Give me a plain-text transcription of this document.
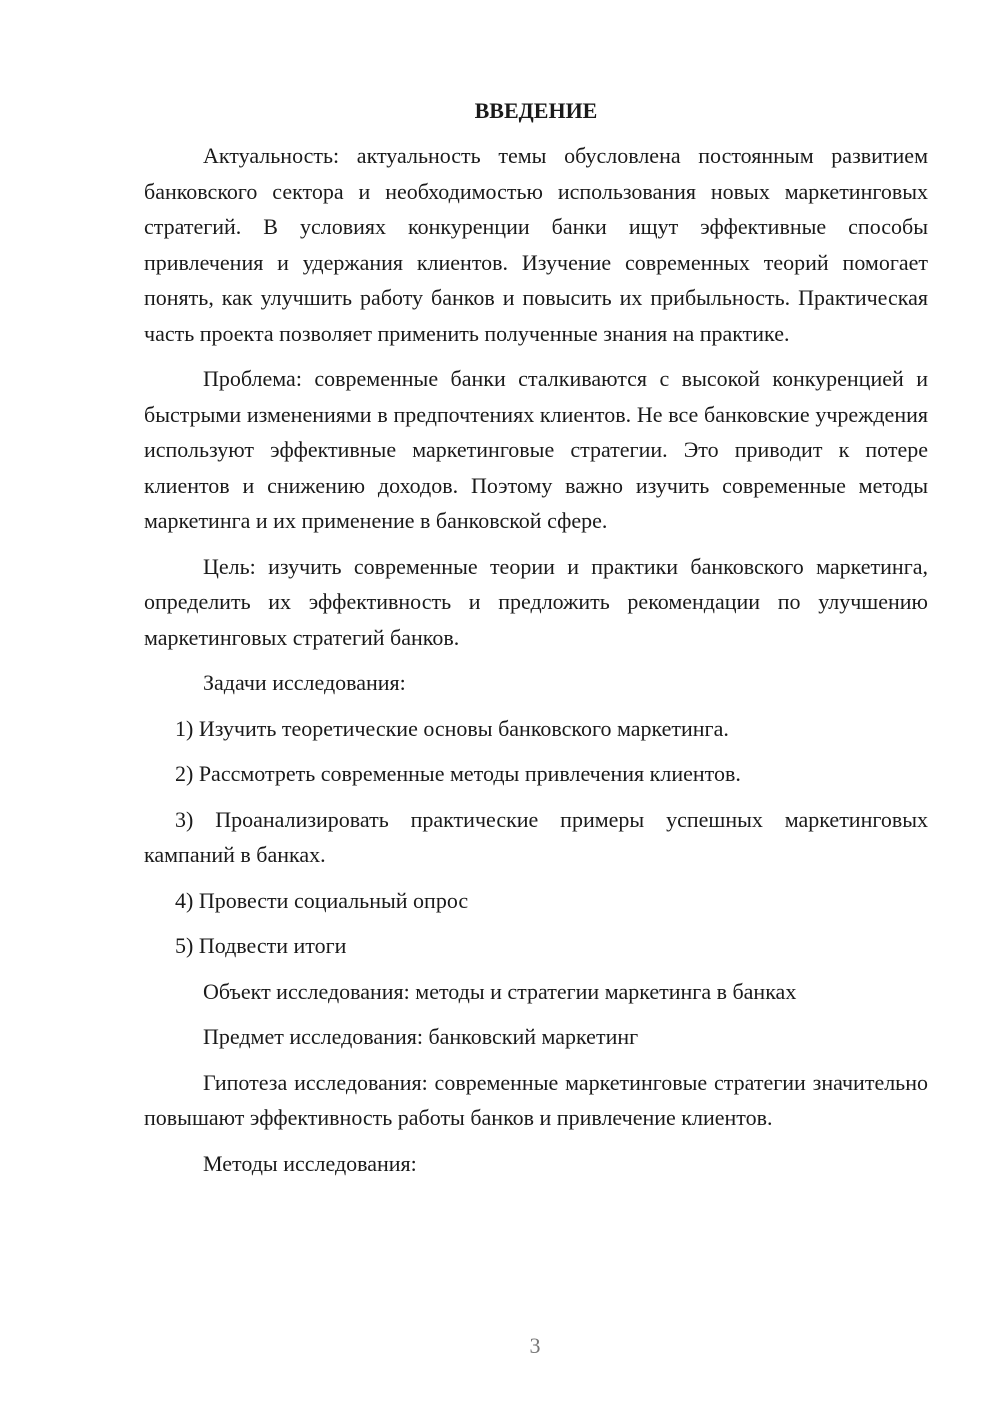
ВВЕДЕНИЕ

Актуальность: актуальность темы обусловлена постоянным развитием банковского сектора и необходимостью использования новых маркетинговых стратегий. В условиях конкуренции банки ищут эффективные способы привлечения и удержания клиентов. Изучение современных теорий помогает понять, как улучшить работу банков и повысить их прибыльность. Практическая часть проекта позволяет применить полученные знания на практике.

Проблема: современные банки сталкиваются с высокой конкуренцией и быстрыми изменениями в предпочтениях клиентов. Не все банковские учреждения используют эффективные маркетинговые стратегии. Это приводит к потере клиентов и снижению доходов. Поэтому важно изучить современные методы маркетинга и их применение в банковской сфере.

Цель: изучить современные теории и практики банковского маркетинга, определить их эффективность и предложить рекомендации по улучшению маркетинговых стратегий банков.

Задачи исследования:

1) Изучить теоретические основы банковского маркетинга.

2) Рассмотреть современные методы привлечения клиентов.

3) Проанализировать практические примеры успешных маркетинговых кампаний в банках.

4) Провести социальный опрос

5) Подвести итоги

Объект исследования: методы и стратегии маркетинга в банках

Предмет исследования: банковский маркетинг

Гипотеза исследования: современные маркетинговые стратегии значительно повышают эффективность работы банков и привлечение клиентов.

Методы исследования:

3
